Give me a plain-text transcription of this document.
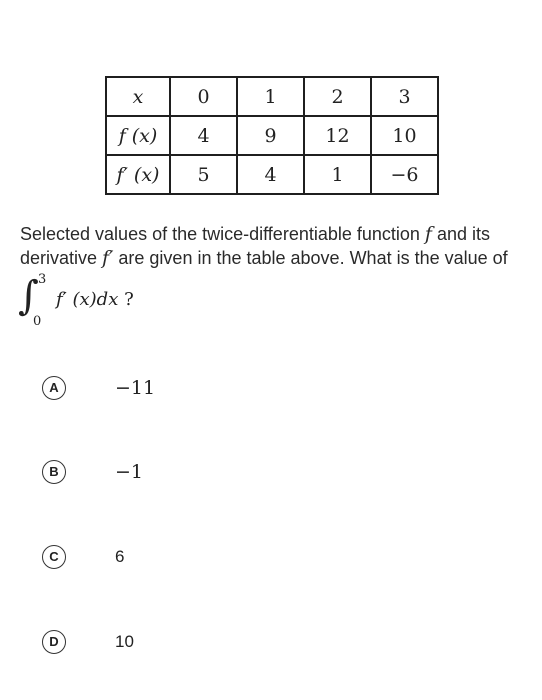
x	0	1	2	3
f (x)	4	9	12	10
f′ (x)	5	4	1	−6
Selected values of the twice-differentiable function f and its derivative f′ are given in the table above. What is the value of
∫ 3
0
f′ (x)dx ?
A	−11
B	−1
C	6
D	10
